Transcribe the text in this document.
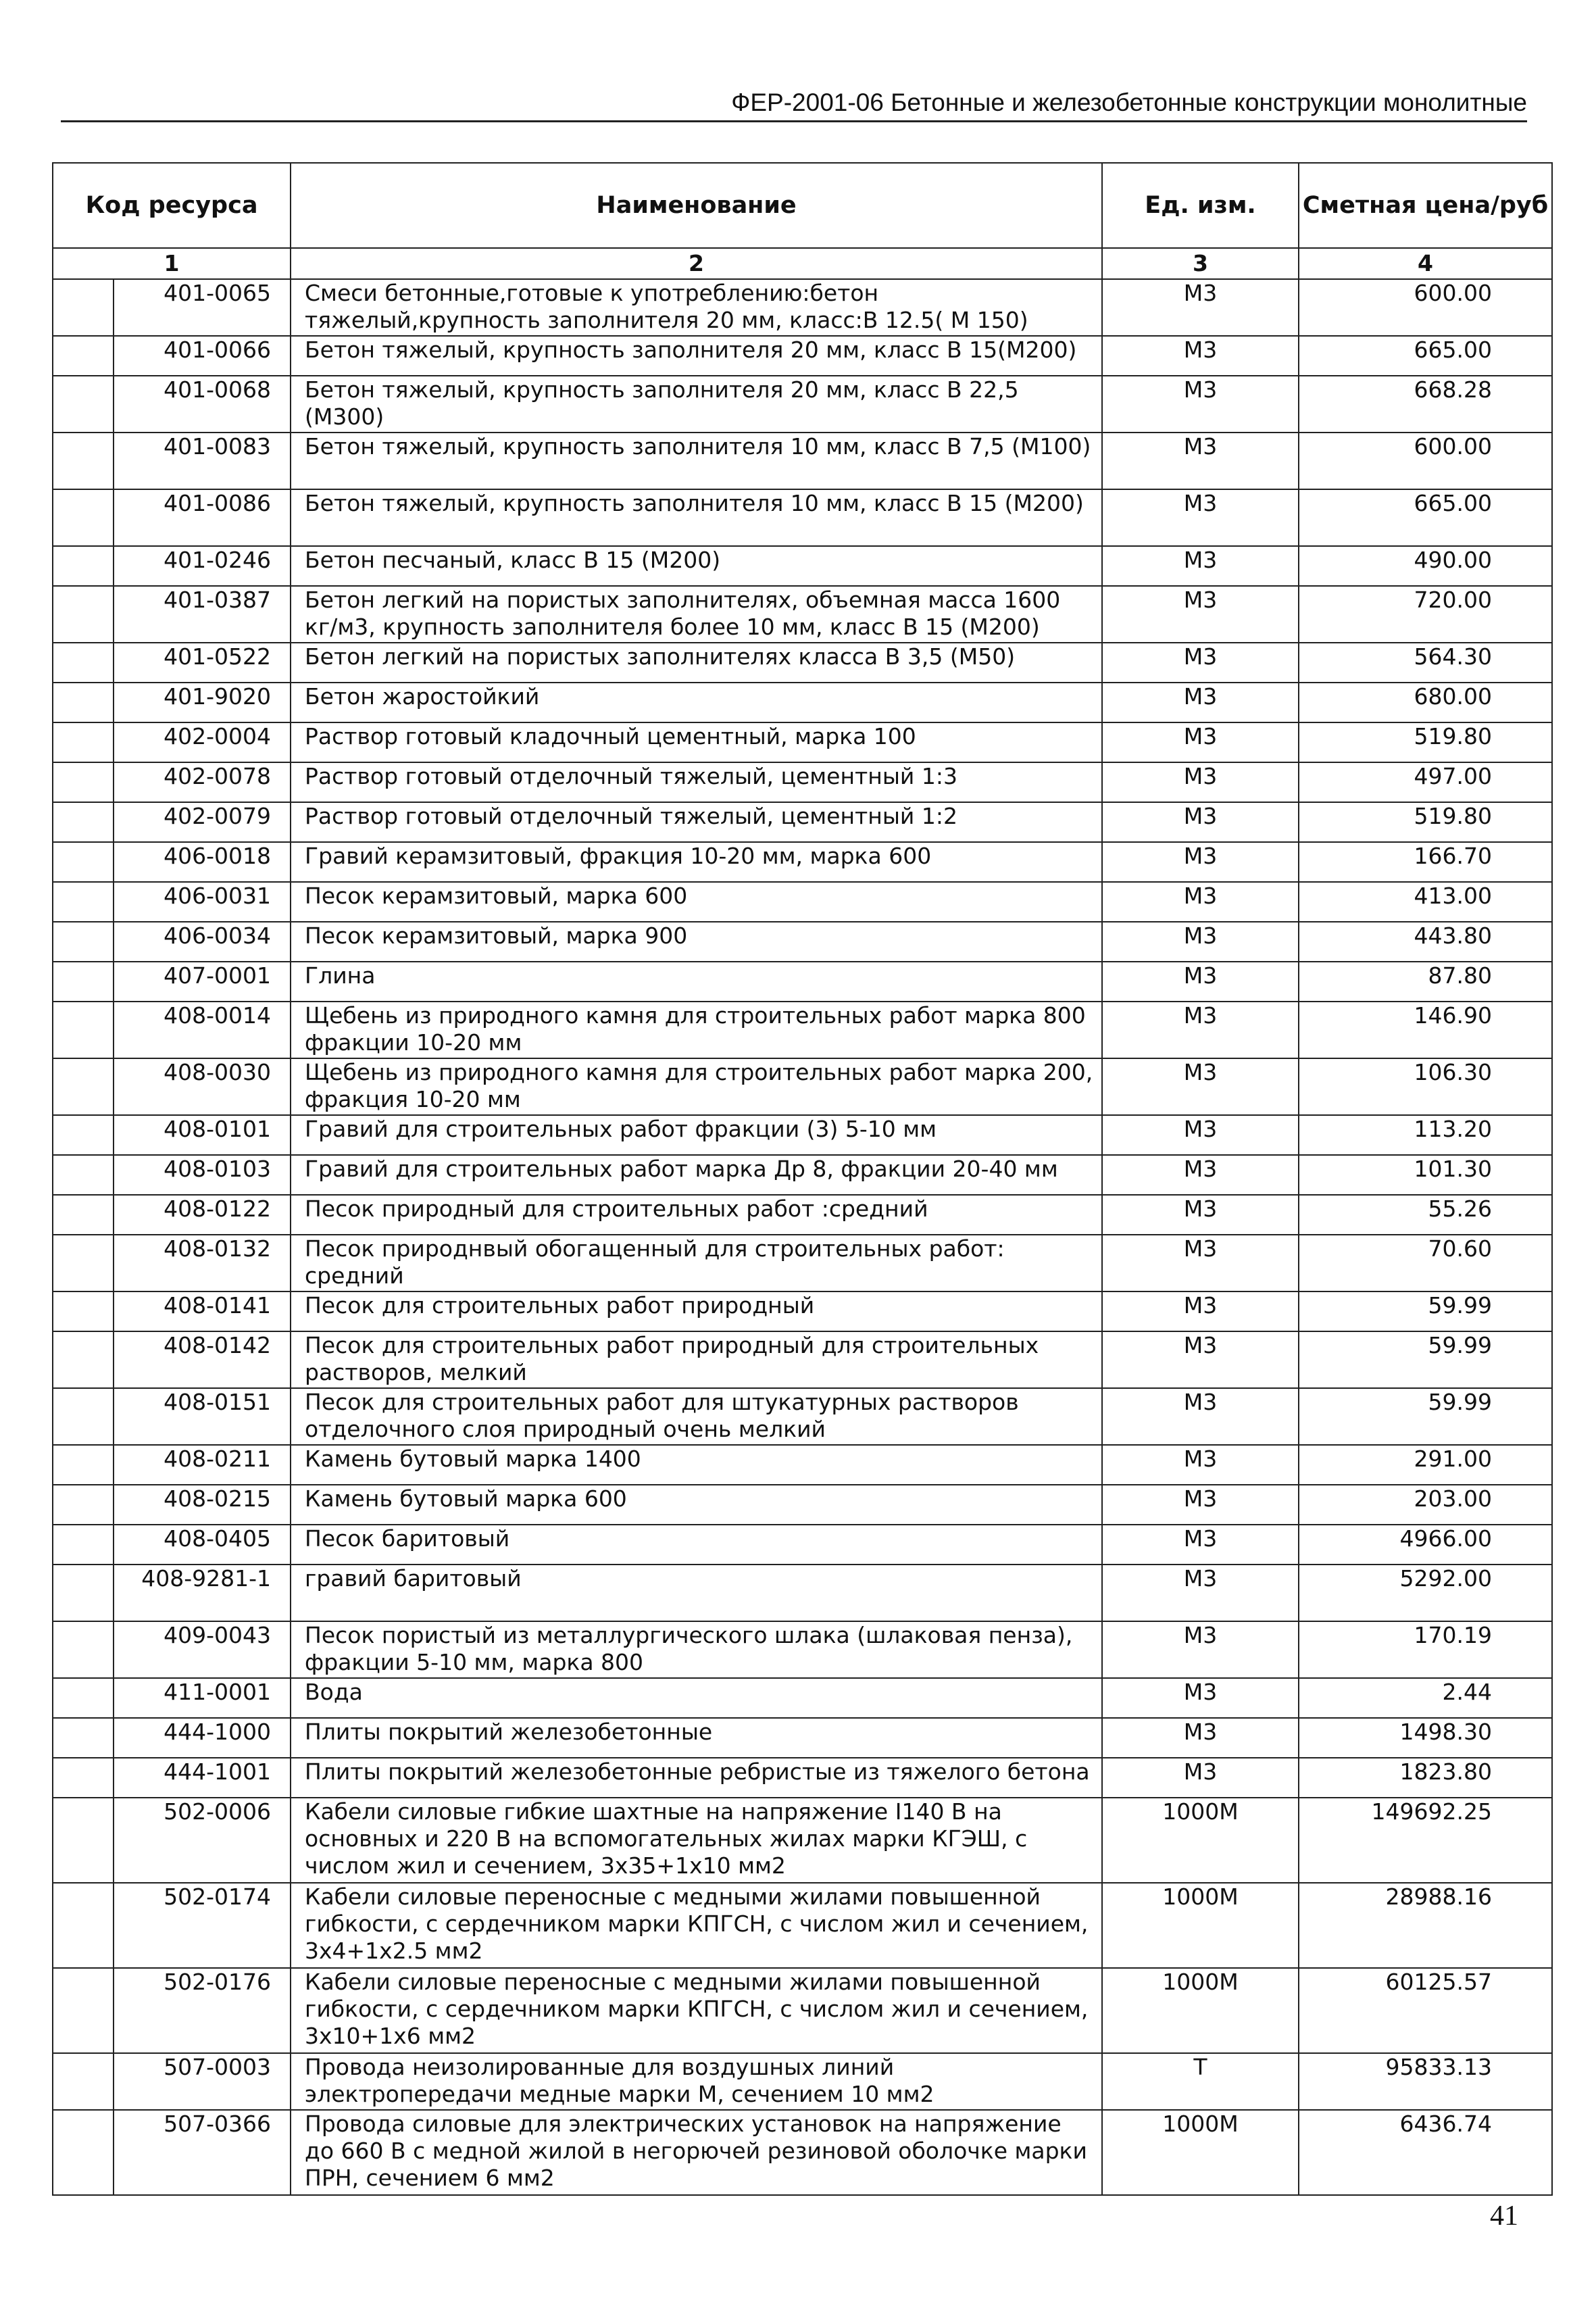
ФЕР-2001-06 Бетонные и железобетонные конструкции монолитные
Код ресурса		Наименование	Ед. изм.	Сметная цена/руб
1		2	3	4
	401-0065	Смеси бетонные,готовые к употреблению:бетон тяжелый,крупность заполнителя 20 мм, класс:В 12.5( М 150)	М3	600.00
	401-0066	Бетон тяжелый, крупность заполнителя 20 мм, класс В 15(М200)	М3	665.00
	401-0068	Бетон тяжелый, крупность заполнителя 20 мм, класс В 22,5 (М300)	М3	668.28
	401-0083	Бетон тяжелый, крупность заполнителя 10 мм, класс В 7,5 (М100)	М3	600.00
	401-0086	Бетон тяжелый, крупность заполнителя 10 мм, класс В 15 (М200)	М3	665.00
	401-0246	Бетон песчаный, класс В 15 (М200)	М3	490.00
	401-0387	Бетон легкий на пористых заполнителях, объемная масса 1600 кг/м3, крупность заполнителя более 10 мм, класс В 15 (М200)	М3	720.00
	401-0522	Бетон легкий на пористых заполнителях класса В 3,5 (М50)	М3	564.30
	401-9020	Бетон жаростойкий	М3	680.00
	402-0004	Раствор готовый кладочный цементный, марка 100	М3	519.80
	402-0078	Раствор готовый отделочный тяжелый, цементный 1:3	М3	497.00
	402-0079	Раствор готовый отделочный тяжелый, цементный 1:2	М3	519.80
	406-0018	Гравий керамзитовый, фракция 10-20 мм, марка 600	М3	166.70
	406-0031	Песок керамзитовый, марка 600	М3	413.00
	406-0034	Песок керамзитовый, марка 900	М3	443.80
	407-0001	Глина	М3	87.80
	408-0014	Щебень из природного камня для строительных работ марка 800 фракции 10-20 мм	М3	146.90
	408-0030	Щебень из природного камня для строительных работ марка 200, фракция 10-20 мм	М3	106.30
	408-0101	Гравий для строительных работ фракции (3) 5-10 мм	М3	113.20
	408-0103	Гравий для строительных работ марка Др 8, фракции 20-40 мм	М3	101.30
	408-0122	Песок природный для строительных работ :средний	М3	55.26
	408-0132	Песок природнвый обогащенный для строительных работ: средний	М3	70.60
	408-0141	Песок для строительных работ природный	М3	59.99
	408-0142	Песок для строительных работ природный для строительных растворов, мелкий	М3	59.99
	408-0151	Песок для строительных работ для штукатурных растворов отделочного слоя природный очень мелкий	М3	59.99
	408-0211	Камень бутовый марка 1400	М3	291.00
	408-0215	Камень бутовый марка 600	М3	203.00
	408-0405	Песок баритовый	М3	4966.00
	408-9281-1	гравий баритовый	М3	5292.00
	409-0043	Песок пористый из металлургического шлака (шлаковая пенза), фракции 5-10 мм, марка 800	М3	170.19
	411-0001	Вода	М3	2.44
	444-1000	Плиты покрытий железобетонные	М3	1498.30
	444-1001	Плиты покрытий железобетонные ребристые из тяжелого бетона	М3	1823.80
	502-0006	Кабели силовые гибкие шахтные на напряжение I140 В на основных и 220 В на вспомогательных жилах марки КГЭШ, с числом жил и сечением, 3х35+1х10 мм2	1000М	149692.25
	502-0174	Кабели силовые переносные с медными жилами повышенной гибкости, с сердечником марки КПГСН, с числом жил и сечением, 3х4+1х2.5 мм2	1000М	28988.16
	502-0176	Кабели силовые переносные с медными жилами повышенной гибкости, с сердечником марки КПГСН, с числом жил и сечением, 3х10+1х6 мм2	1000М	60125.57
	507-0003	Провода неизолированные для воздушных линий электропередачи медные марки М, сечением 10 мм2	Т	95833.13
	507-0366	Провода силовые для электрических установок на напряжение до 660 В с медной жилой в негорючей резиновой оболочке марки ПРН, сечением 6 мм2	1000М	6436.74
41
